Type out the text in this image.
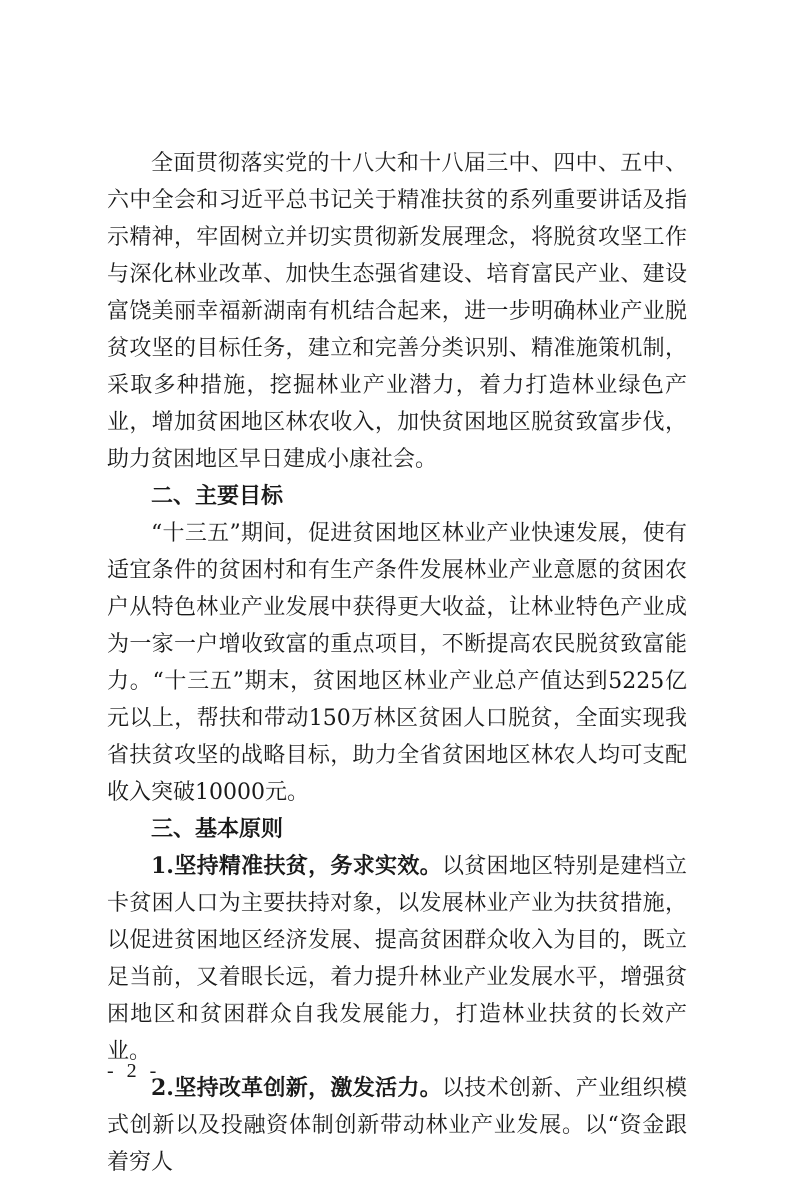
全面贯彻落实党的十八大和十八届三中、四中、五中、六中全会和习近平总书记关于精准扶贫的系列重要讲话及指示精神，牢固树立并切实贯彻新发展理念，将脱贫攻坚工作与深化林业改革、加快生态强省建设、培育富民产业、建设富饶美丽幸福新湖南有机结合起来，进一步明确林业产业脱贫攻坚的目标任务，建立和完善分类识别、精准施策机制，采取多种措施，挖掘林业产业潜力，着力打造林业绿色产业，增加贫困地区林农收入，加快贫困地区脱贫致富步伐，助力贫困地区早日建成小康社会。

二、主要目标

“十三五”期间，促进贫困地区林业产业快速发展，使有适宜条件的贫困村和有生产条件发展林业产业意愿的贫困农户从特色林业产业发展中获得更大收益，让林业特色产业成为一家一户增收致富的重点项目，不断提高农民脱贫致富能力。“十三五”期末，贫困地区林业产业总产值达到5225亿元以上，帮扶和带动150万林区贫困人口脱贫，全面实现我省扶贫攻坚的战略目标，助力全省贫困地区林农人均可支配收入突破10000元。

三、基本原则

1.坚持精准扶贫，务求实效。以贫困地区特别是建档立卡贫困人口为主要扶持对象，以发展林业产业为扶贫措施，以促进贫困地区经济发展、提高贫困群众收入为目的，既立足当前，又着眼长远，着力提升林业产业发展水平，增强贫困地区和贫困群众自我发展能力，打造林业扶贫的长效产业。

2.坚持改革创新，激发活力。以技术创新、产业组织模式创新以及投融资体制创新带动林业产业发展。以“资金跟着穷人

- 2 -
